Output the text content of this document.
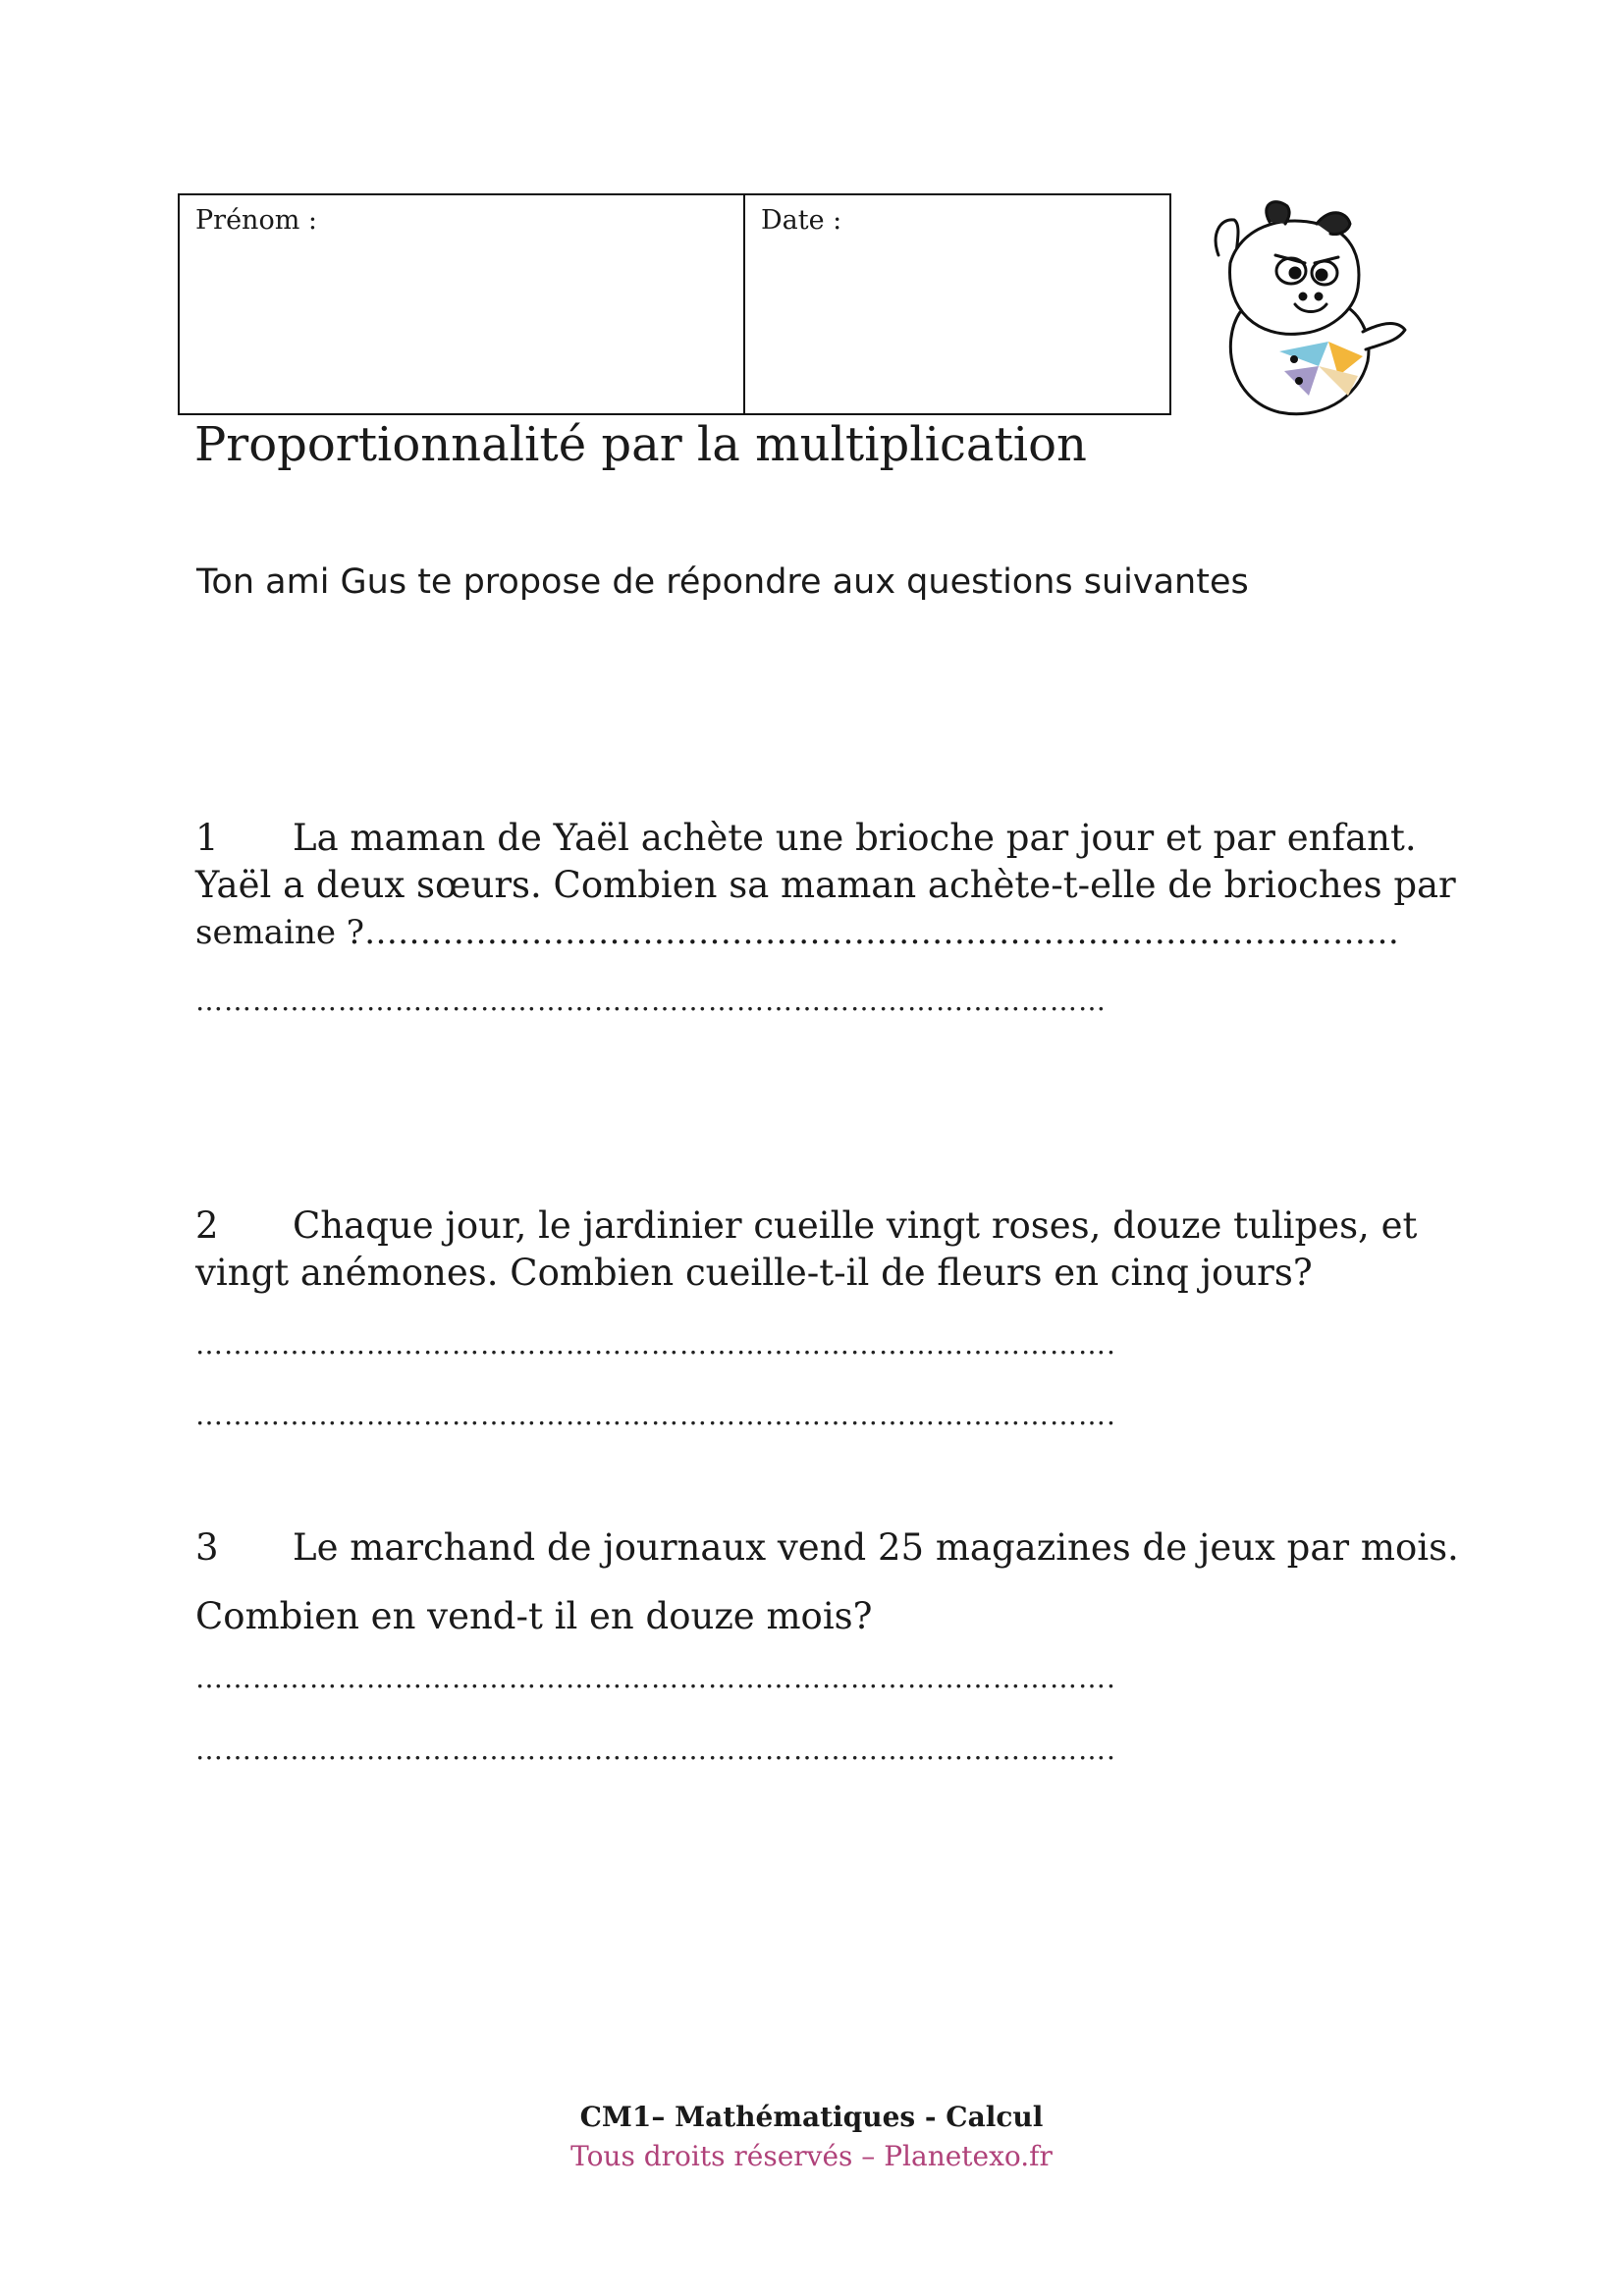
Prénom :	Date :
Proportionnalité par la multiplication
Ton ami Gus te propose de répondre aux questions suivantes
1 La maman de Yaël achète une brioche par jour et par enfant.
Yaël a deux sœurs. Combien sa maman achète-t-elle de brioches par
semaine ?…………………………………………………………………………………
……………………………………………………………………………………
2 Chaque jour, le jardinier cueille vingt roses, douze tulipes, et
vingt anémones. Combien cueille-t-il de fleurs en cinq jours?
…………………………………………………………………………………….
…………………………………………………………………………………….
3 Le marchand de journaux vend 25 magazines de jeux par mois.
Combien en vend-t il en douze mois?
…………………………………………………………………………………….
…………………………………………………………………………………….
CM1– Mathématiques - Calcul
Tous droits réservés – Planetexo.fr
